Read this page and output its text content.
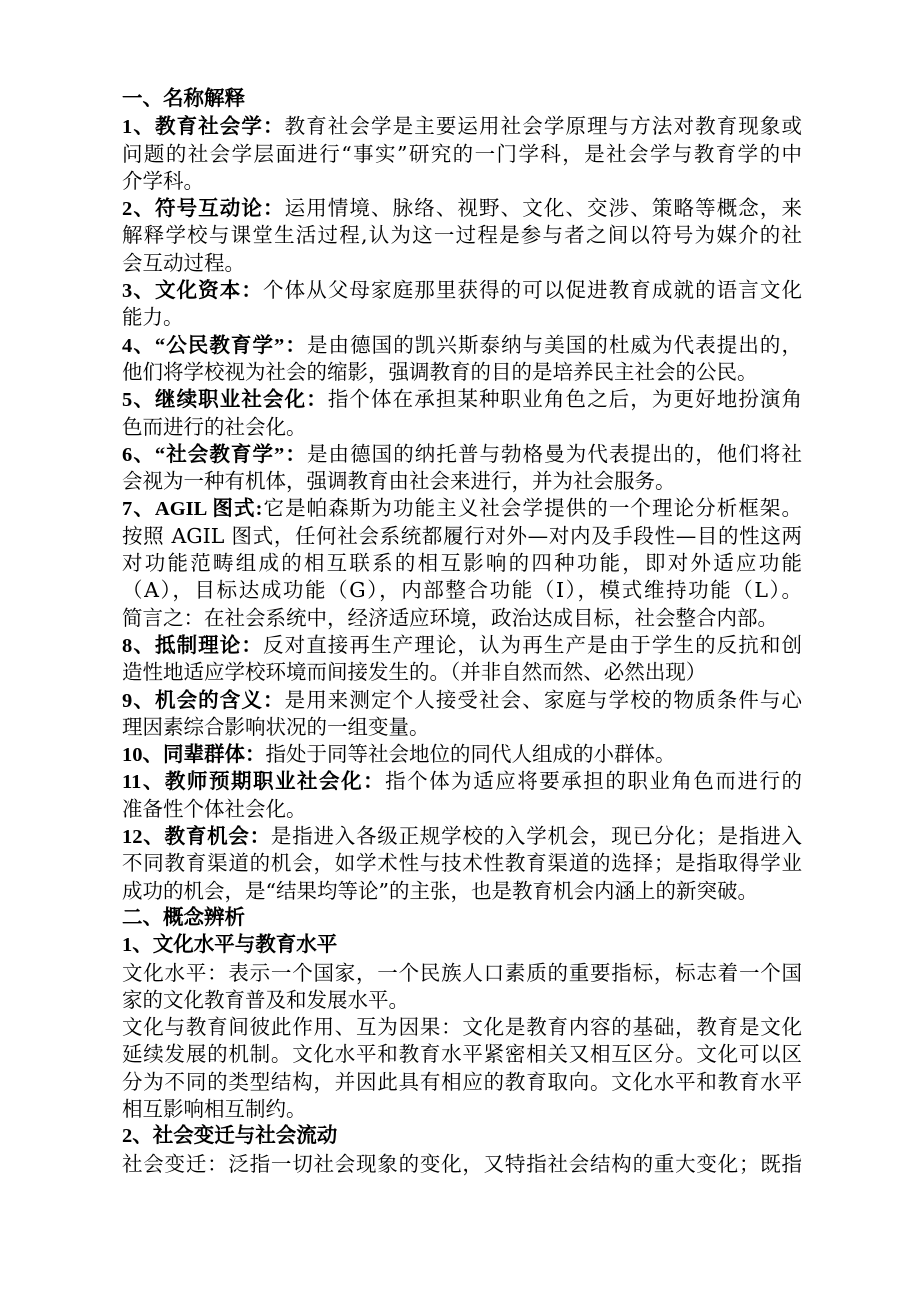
一、名称解释
1、教育社会学：教育社会学是主要运用社会学原理与方法对教育现象或
问题的社会学层面进行“事实”研究的一门学科，是社会学与教育学的中
介学科。
2、符号互动论：运用情境、脉络、视野、文化、交涉、策略等概念，来
解释学校与课堂生活过程,认为这一过程是参与者之间以符号为媒介的社
会互动过程。
3、文化资本：个体从父母家庭那里获得的可以促进教育成就的语言文化
能力。
4、“公民教育学”：是由德国的凯兴斯泰纳与美国的杜威为代表提出的，
他们将学校视为社会的缩影，强调教育的目的是培养民主社会的公民。
5、继续职业社会化：指个体在承担某种职业角色之后，为更好地扮演角
色而进行的社会化。
6、“社会教育学”：是由德国的纳托普与勃格曼为代表提出的，他们将社
会视为一种有机体，强调教育由社会来进行，并为社会服务。
7、AGIL 图式:它是帕森斯为功能主义社会学提供的一个理论分析框架。
按照 AGIL 图式，任何社会系统都履行对外—对内及手段性—目的性这两
对功能范畴组成的相互联系的相互影响的四种功能，即对外适应功能
（A），目标达成功能（G），内部整合功能（I），模式维持功能（L）。
简言之：在社会系统中，经济适应环境，政治达成目标，社会整合内部。
8、抵制理论：反对直接再生产理论，认为再生产是由于学生的反抗和创
造性地适应学校环境而间接发生的。（并非自然而然、必然出现）
9、机会的含义：是用来测定个人接受社会、家庭与学校的物质条件与心
理因素综合影响状况的一组变量。
10、同辈群体：指处于同等社会地位的同代人组成的小群体。
11、教师预期职业社会化：指个体为适应将要承担的职业角色而进行的
准备性个体社会化。
12、教育机会：是指进入各级正规学校的入学机会，现已分化；是指进入
不同教育渠道的机会，如学术性与技术性教育渠道的选择；是指取得学业
成功的机会，是“结果均等论”的主张，也是教育机会内涵上的新突破。
二、概念辨析
1、文化水平与教育水平
文化水平：表示一个国家，一个民族人口素质的重要指标，标志着一个国
家的文化教育普及和发展水平。
文化与教育间彼此作用、互为因果：文化是教育内容的基础，教育是文化
延续发展的机制。文化水平和教育水平紧密相关又相互区分。文化可以区
分为不同的类型结构，并因此具有相应的教育取向。文化水平和教育水平
相互影响相互制约。
2、社会变迁与社会流动
社会变迁：泛指一切社会现象的变化，又特指社会结构的重大变化；既指
